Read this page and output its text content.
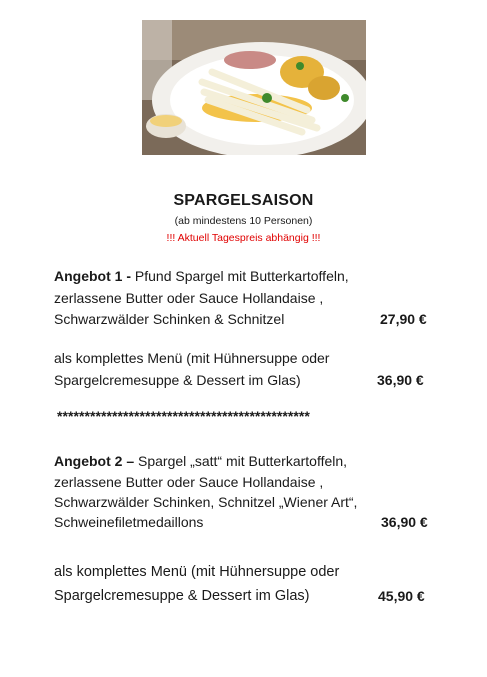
SPARGELSAISON
(ab mindestens 10 Personen)
!!! Aktuell Tagespreis abhängig !!!
Angebot 1 - Pfund Spargel mit Butterkartoffeln,
zerlassene Butter oder Sauce Hollandaise ,
Schwarzwälder Schinken & Schnitzel	27,90 €
als komplettes Menü (mit Hühnersuppe oder
Spargelcremesuppe & Dessert im Glas)	36,90 €
**********************************************
Angebot 2 – Spargel „satt“ mit Butterkartoffeln,
zerlassene Butter oder Sauce Hollandaise ,
Schwarzwälder Schinken, Schnitzel „Wiener Art“,
Schweinefiletmedaillons	36,90 €
als komplettes Menü (mit Hühnersuppe oder
Spargelcremesuppe & Dessert im Glas)	45,90 €
